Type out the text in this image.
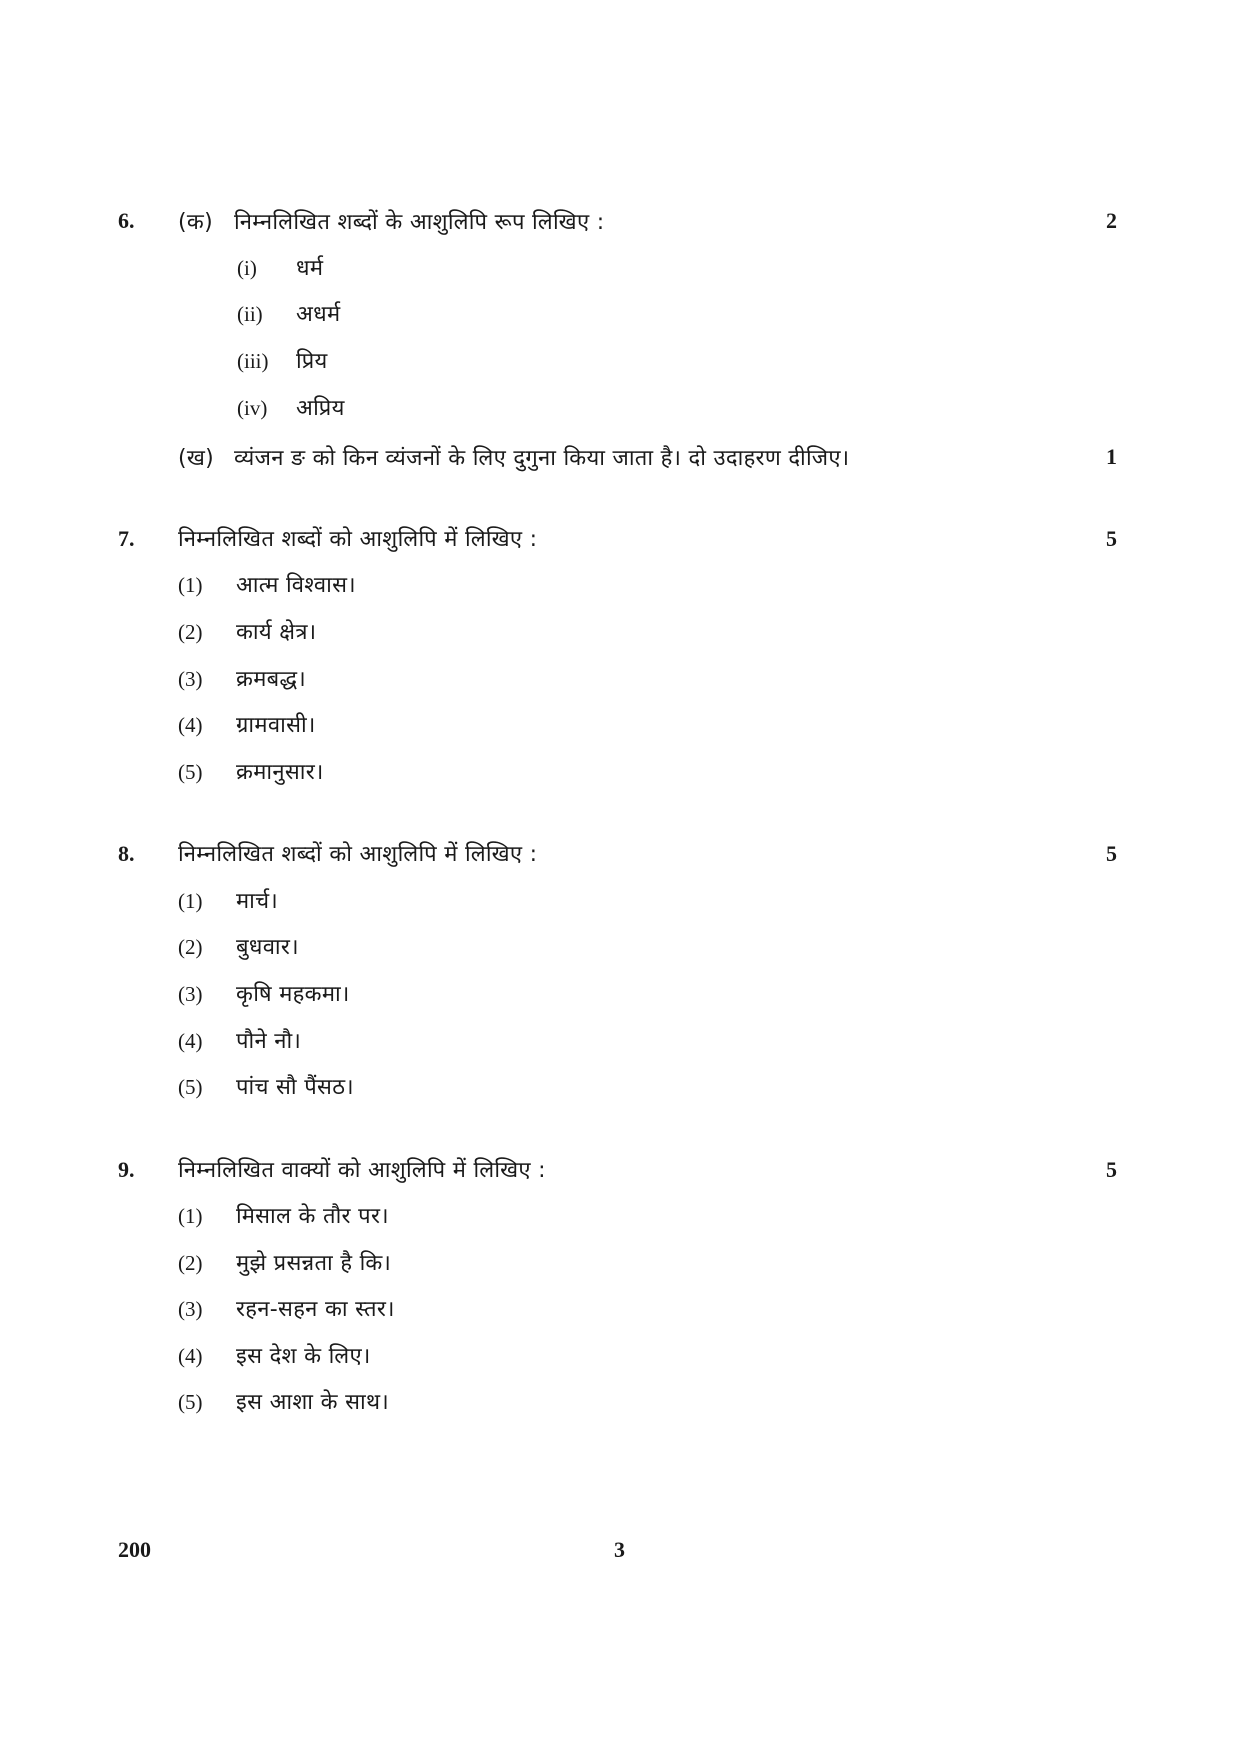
6. (क) निम्नलिखित शब्दों के आशुलिपि रूप लिखिए :	2
(i) धर्म
(ii) अधर्म
(iii) प्रिय
(iv) अप्रिय
(ख) व्यंजन ङ को किन व्यंजनों के लिए दुगुना किया जाता है। दो उदाहरण दीजिए।	1
7. निम्नलिखित शब्दों को आशुलिपि में लिखिए :	5
(1) आत्म विश्वास।
(2) कार्य क्षेत्र।
(3) क्रमबद्ध।
(4) ग्रामवासी।
(5) क्रमानुसार।
8. निम्नलिखित शब्दों को आशुलिपि में लिखिए :	5
(1) मार्च।
(2) बुधवार।
(3) कृषि महकमा।
(4) पौने नौ।
(5) पांच सौ पैंसठ।
9. निम्नलिखित वाक्यों को आशुलिपि में लिखिए :	5
(1) मिसाल के तौर पर।
(2) मुझे प्रसन्नता है कि।
(3) रहन-सहन का स्तर।
(4) इस देश के लिए।
(5) इस आशा के साथ।
200	3
